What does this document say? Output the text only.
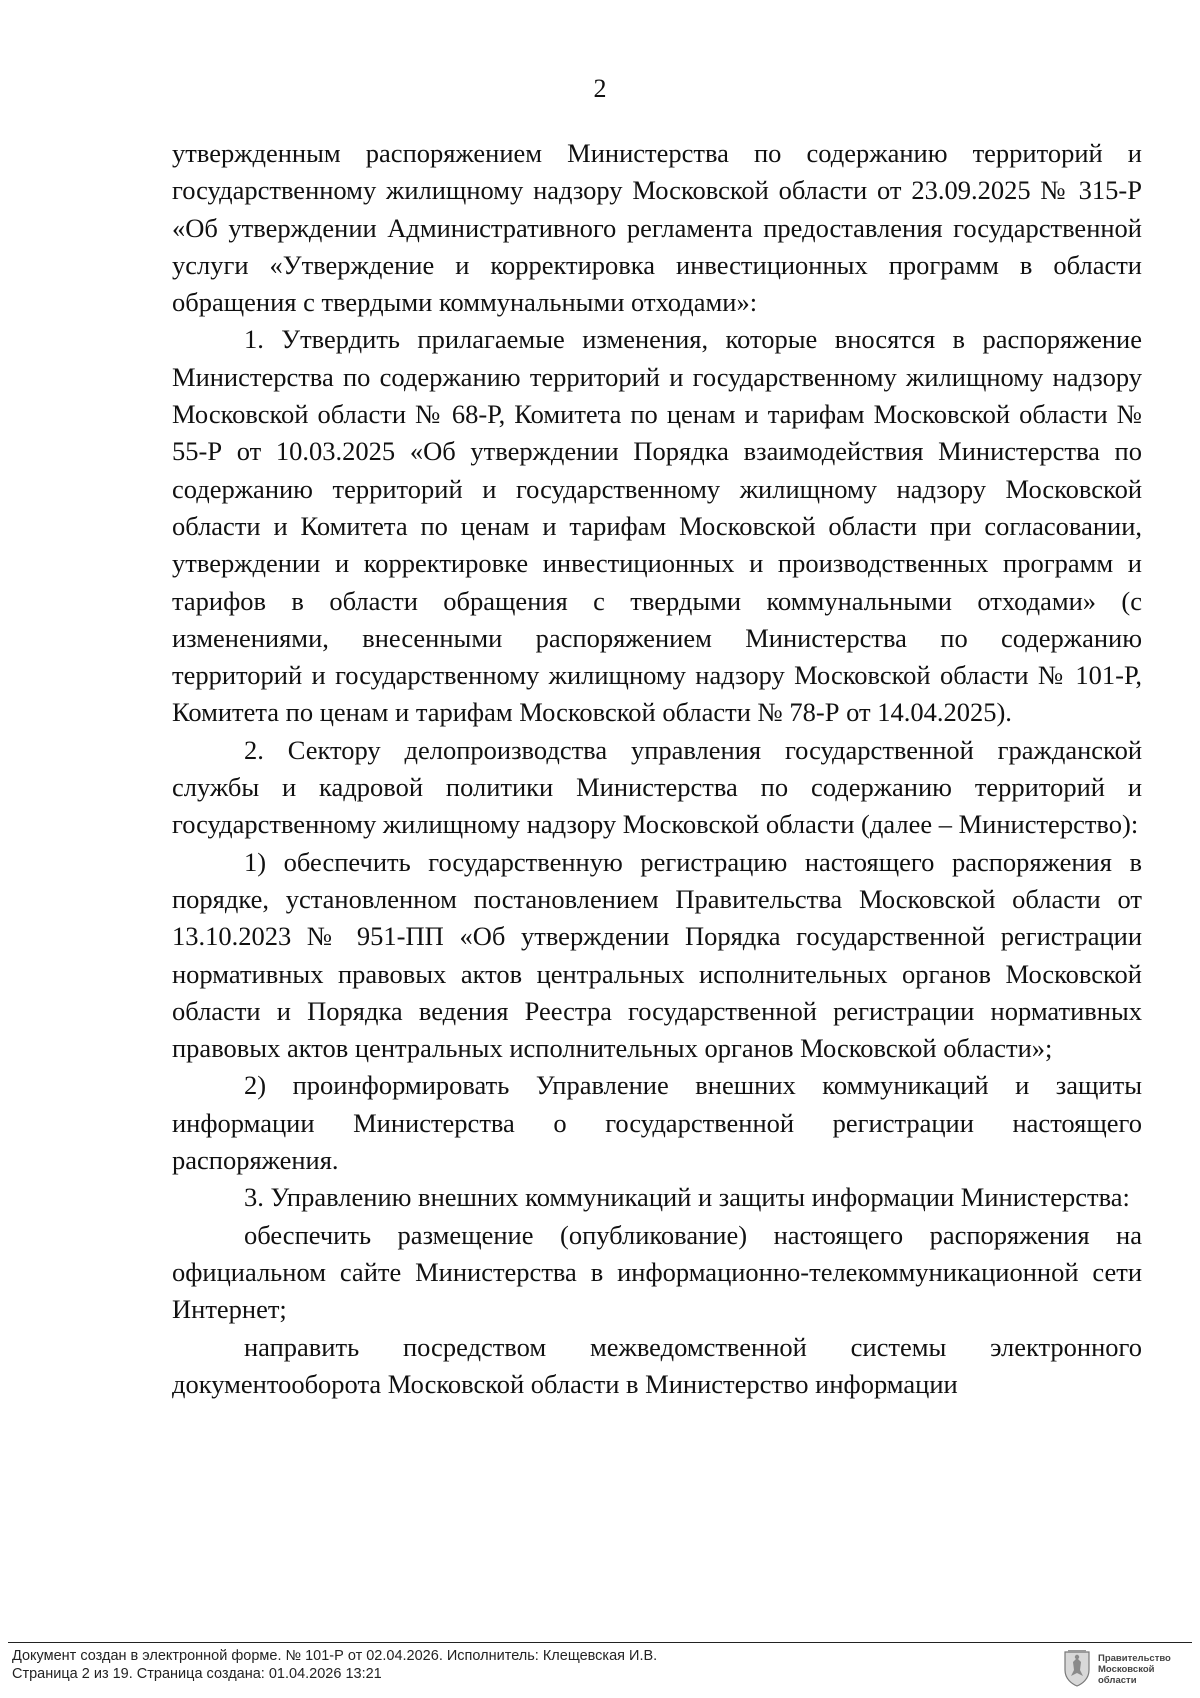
2

утвержденным распоряжением Министерства по содержанию территорий и государственному жилищному надзору Московской области от 23.09.2025 № 315-Р «Об утверждении Административного регламента предоставления государственной услуги «Утверждение и корректировка инвестиционных программ в области обращения с твердыми коммунальными отходами»:

1. Утвердить прилагаемые изменения, которые вносятся в распоряжение Министерства по содержанию территорий и государственному жилищному надзору Московской области № 68-Р, Комитета по ценам и тарифам Московской области № 55-Р от 10.03.2025 «Об утверждении Порядка взаимодействия Министерства по содержанию территорий и государственному жилищному надзору Московской области и Комитета по ценам и тарифам Московской области при согласовании, утверждении и корректировке инвестиционных и производственных программ и тарифов в области обращения с твердыми коммунальными отходами» (с изменениями, внесенными распоряжением Министерства по содержанию территорий и государственному жилищному надзору Московской области № 101-Р, Комитета по ценам и тарифам Московской области № 78-Р от 14.04.2025).

2. Сектору делопроизводства управления государственной гражданской службы и кадровой политики Министерства по содержанию территорий и государственному жилищному надзору Московской области (далее – Министерство):

1) обеспечить государственную регистрацию настоящего распоряжения в порядке, установленном постановлением Правительства Московской области от 13.10.2023 № 951-ПП «Об утверждении Порядка государственной регистрации нормативных правовых актов центральных исполнительных органов Московской области и Порядка ведения Реестра государственной регистрации нормативных правовых актов центральных исполнительных органов Московской области»;

2) проинформировать Управление внешних коммуникаций и защиты информации Министерства о государственной регистрации настоящего распоряжения.

3. Управлению внешних коммуникаций и защиты информации Министерства:

обеспечить размещение (опубликование) настоящего распоряжения на официальном сайте Министерства в информационно-телекоммуникационной сети Интернет;

направить посредством межведомственной системы электронного документооборота Московской области в Министерство информации

Документ создан в электронной форме. № 101-Р от 02.04.2026. Исполнитель: Клещевская И.В.
Страница 2 из 19. Страница создана: 01.04.2026 13:21
Правительство
Московской области
